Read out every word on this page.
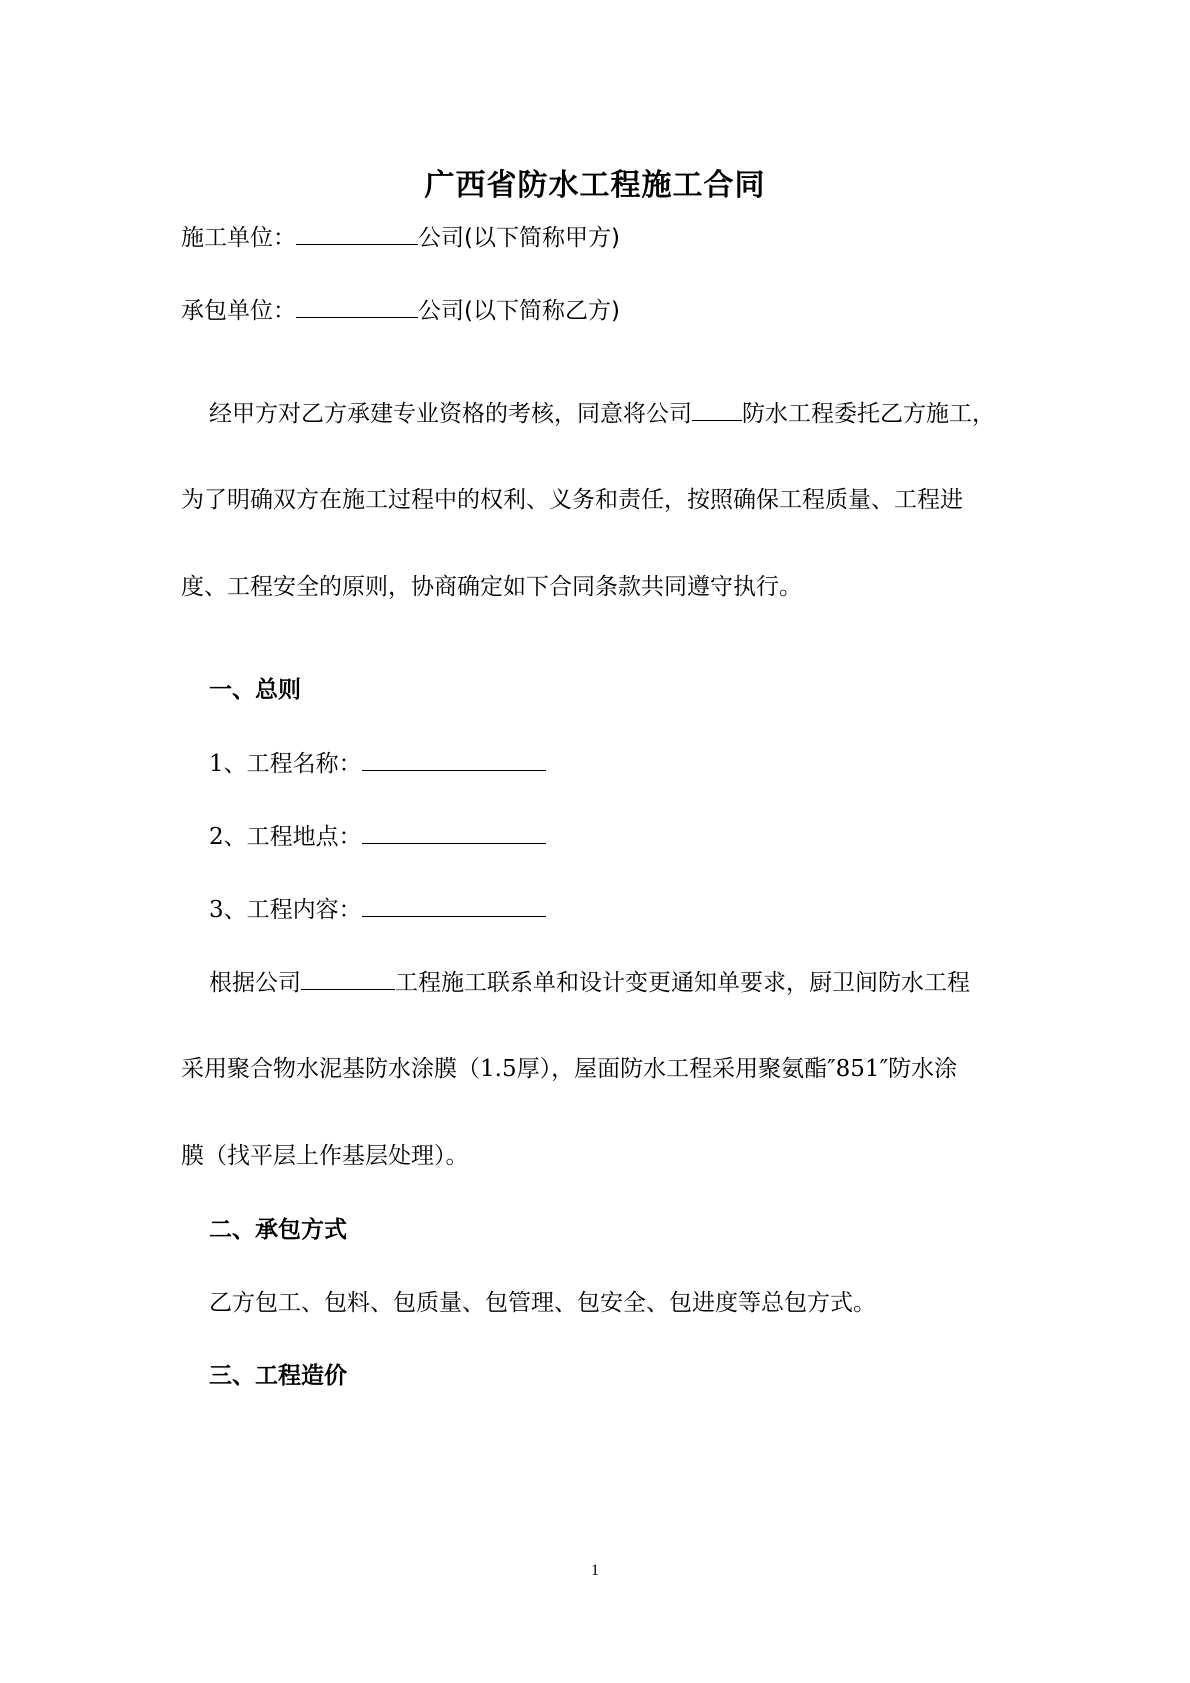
广西省防水工程施工合同
施工单位：	公司(以下简称甲方)
承包单位：	公司(以下简称乙方)
经甲方对乙方承建专业资格的考核，同意将公司 防水工程委托乙方施工，
为了明确双方在施工过程中的权利、义务和责任，按照确保工程质量、工程进
度、工程安全的原则，协商确定如下合同条款共同遵守执行。
一、总则
1、工程名称：
2、工程地点：
3、工程内容：
根据公司	工程施工联系单和设计变更通知单要求，厨卫间防水工程
采用聚合物水泥基防水涂膜（1.5厚），屋面防水工程采用聚氨酯″851″防水涂
膜（找平层上作基层处理）。
二、承包方式
乙方包工、包料、包质量、包管理、包安全、包进度等总包方式。
三、工程造价
1
